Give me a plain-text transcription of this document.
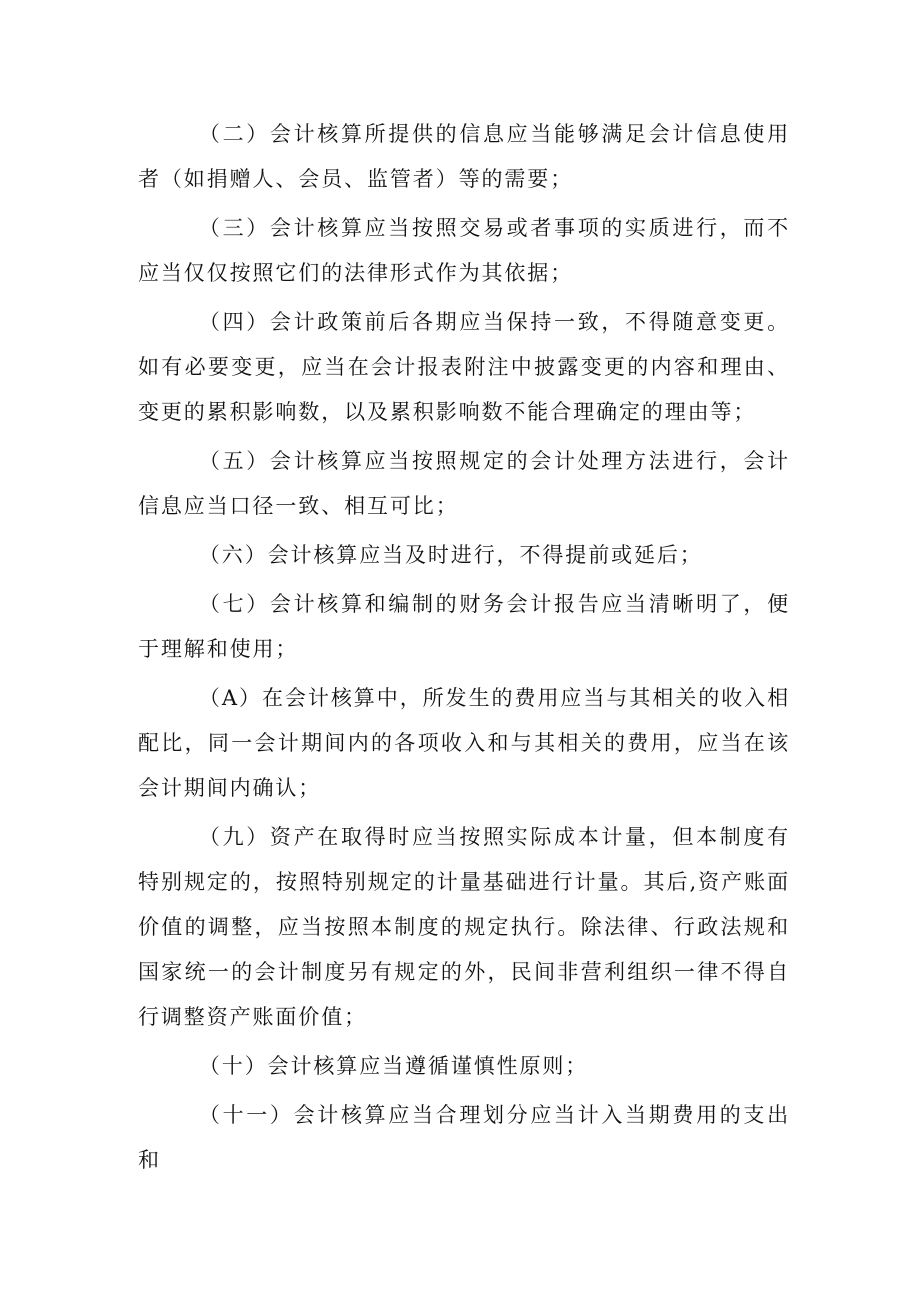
（二）会计核算所提供的信息应当能够满足会计信息使用者（如捐赠人、会员、监管者）等的需要；

（三）会计核算应当按照交易或者事项的实质进行，而不应当仅仅按照它们的法律形式作为其依据；

（四）会计政策前后各期应当保持一致，不得随意变更。如有必要变更，应当在会计报表附注中披露变更的内容和理由、变更的累积影响数，以及累积影响数不能合理确定的理由等；

（五）会计核算应当按照规定的会计处理方法进行，会计信息应当口径一致、相互可比；

（六）会计核算应当及时进行，不得提前或延后；

（七）会计核算和编制的财务会计报告应当清晰明了，便于理解和使用；

（A）在会计核算中，所发生的费用应当与其相关的收入相配比，同一会计期间内的各项收入和与其相关的费用，应当在该会计期间内确认；

（九）资产在取得时应当按照实际成本计量，但本制度有特别规定的，按照特别规定的计量基础进行计量。其后,资产账面价值的调整，应当按照本制度的规定执行。除法律、行政法规和国家统一的会计制度另有规定的外，民间非营利组织一律不得自行调整资产账面价值；

（十）会计核算应当遵循谨慎性原则；

（十一）会计核算应当合理划分应当计入当期费用的支出和
